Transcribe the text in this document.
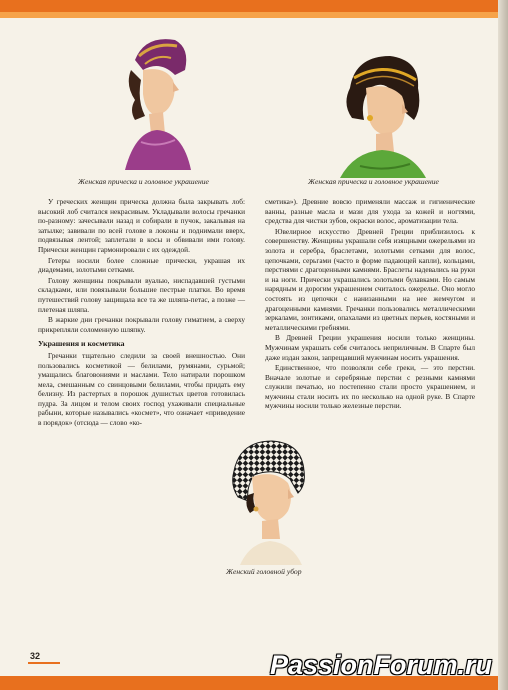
Женская прическа и головное украшение	Женская прическа и головное украшение

У греческих женщин прическа должна была закрывать лоб: высокий лоб считался некрасивым. Укладывали волосы гречанки по-разному: зачесывали назад и собирали в пучок, закалывая на затылке; завивали по всей голове в локоны и поднимали вверх, подвязывая лентой; заплетали в косы и обвивали ими голову. Прически женщин гармонировали с их одеждой.

Гетеры носили более сложные прически, украшая их диадемами, золотыми сетками.

Голову женщины покрывали вуалью, ниспадавшей густыми складками, или повязывали большие пестрые платки. Во время путешествий голову защищала все та же шляпа-петас, а позже — плетеная шляпа.

В жаркие дни гречанки покрывали голову гиматием, а сверху прикрепляли соломенную шляпку.

Украшения и косметика

Гречанки тщательно следили за своей внешностью. Они пользовались косметикой — белилами, румянами, сурьмой; умащались благовониями и маслами. Тело натирали порошком мела, смешанным со свинцовыми белилами, чтобы придать ему белизну. Из растертых в порошок душистых цветов готовилась пудра. За лицом и телом своих господ ухаживали специальные рабыни, которые назывались «космет», что означает «приведение в порядок» (отсюда — слово «ко-

сметика»). Древние вовсю применяли массаж и гигиенические ванны, разные масла и мази для ухода за кожей и ногтями, средства для чистки зубов, окраски волос, ароматизации тела.

Ювелирное искусство Древней Греции приблизилось к совершенству. Женщины украшали себя изящными ожерельями из золота и серебра, браслетами, золотыми сетками для волос, цепочками, серьгами (часто в форме падающей капли), кольцами, перстнями с драгоценными камнями. Браслеты надевались на руки и на ноги. Прически украшались золотыми булавками. Но самым нарядным и дорогим украшением считалось ожерелье. Оно могло состоять из цепочки с нанизанными на нее жемчугом и драгоценными камнями. Гречанки пользовались металлическими зеркалами, зонтиками, опахалами из цветных перьев, костяными и металлическими гребнями.

В Древней Греции украшения носили только женщины. Мужчинам украшать себя считалось неприличным. В Спарте был даже издан закон, запрещавший мужчинам носить украшения.

Единственное, что позволяли себе греки, — это перстни. Вначале золотые и серебряные перстни с резными камнями служили печатью, но постепенно стали просто украшением, и мужчины стали носить их по несколько на одной руке. В Спарте мужчины носили только железные перстни.

Женский головной убор
32	PassionForum.ru
